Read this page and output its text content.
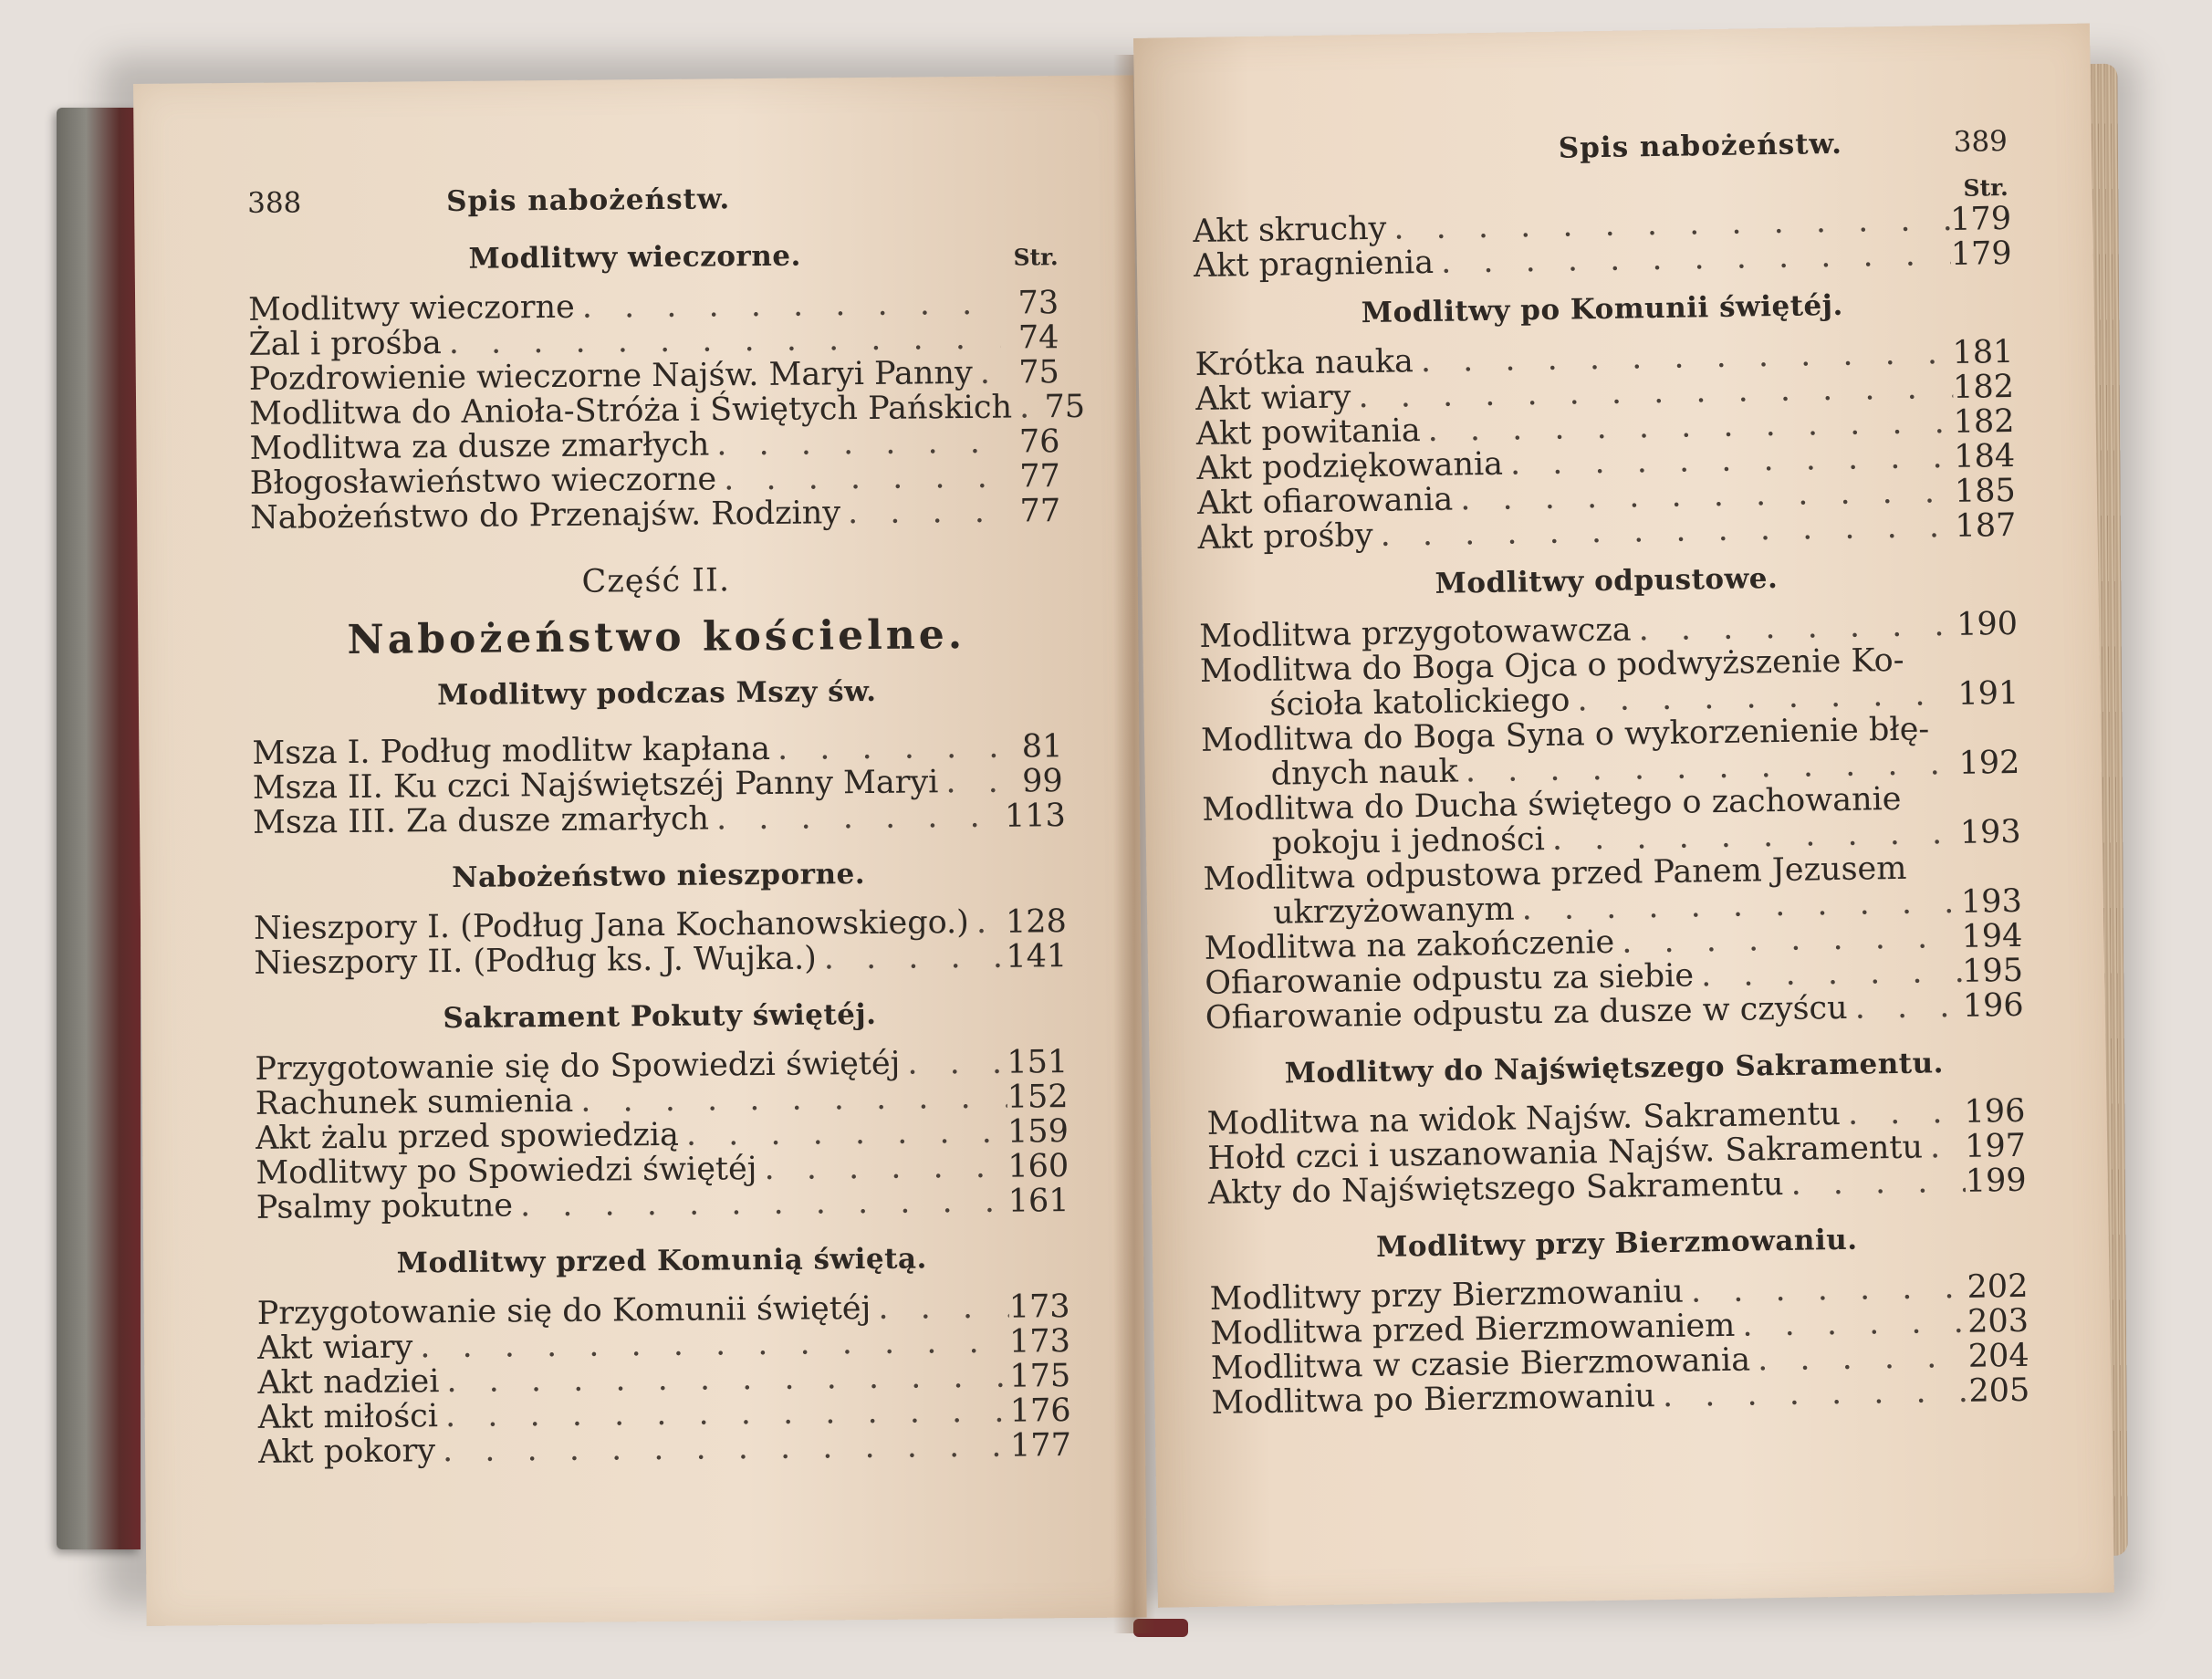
388	Spis nabożeństw.
Modlitwy wieczorne.	Str.
Modlitwy wieczorne . . .	73
Żal i prośba . . .	74
Pozdrowienie wieczorne Najśw. Maryi Panny . . .	75
Modlitwa do Anioła-Stróża i Świętych Pańskich . . .	75
Modlitwa za dusze zmarłych . . .	76
Błogosławieństwo wieczorne . . .	77
Nabożeństwo do Przenajśw. Rodziny . . .	77
Część II.
Nabożeństwo kościelne.
Modlitwy podczas Mszy św.
Msza I. Podług modlitw kapłana . . .	81
Msza II. Ku czci Najświętszéj Panny Maryi . . .	99
Msza III. Za dusze zmarłych . . .	113
Nabożeństwo nieszporne.
Nieszpory I. (Podług Jana Kochanowskiego.) . . . 128
Nieszpory II. (Podług ks. J. Wujka.) . . .	141
Sakrament Pokuty świętéj.
Przygotowanie się do Spowiedzi świętéj . . .	151
Rachunek sumienia . . .	152
Akt żalu przed spowiedzią . . .	159
Modlitwy po Spowiedzi świętéj . . .	160
Psalmy pokutne . . .	161
Modlitwy przed Komunią świętą.
Przygotowanie się do Komunii świętéj . . .	173
Akt wiary . . .	173
Akt nadziei . . .	175
Akt miłości . . .	176
Akt pokory . . .	177
Spis nabożeństw.	389
Str.
Akt skruchy . . .	179
Akt pragnienia . . .	179
Modlitwy po Komunii świętéj.
Krótka nauka . . .	181
Akt wiary . . .	182
Akt powitania . . .	182
Akt podziękowania . . .	184
Akt ofiarowania . . .	185
Akt prośby . . .	187
Modlitwy odpustowe.
Modlitwa przygotowawcza . . .	190
Modlitwa do Boga Ojca o podwyższenie Ko-
ścioła katolickiego . . .	191
Modlitwa do Boga Syna o wykorzenienie błę-
dnych nauk . . .	192
Modlitwa do Ducha świętego o zachowanie
pokoju i jedności . . .	193
Modlitwa odpustowa przed Panem Jezusem
ukrzyżowanym . . .	193
Modlitwa na zakończenie . . .	194
Ofiarowanie odpustu za siebie . . .	195
Ofiarowanie odpustu za dusze w czyścu . . .	196
Modlitwy do Najświętszego Sakramentu.
Modlitwa na widok Najśw. Sakramentu . . .	196
Hołd czci i uszanowania Najśw. Sakramentu . . . 197
Akty do Najświętszego Sakramentu . . .	199
Modlitwy przy Bierzmowaniu.
Modlitwy przy Bierzmowaniu . . .	202
Modlitwa przed Bierzmowaniem . . .	203
Modlitwa w czasie Bierzmowania . . .	204
Modlitwa po Bierzmowaniu . . .	205
